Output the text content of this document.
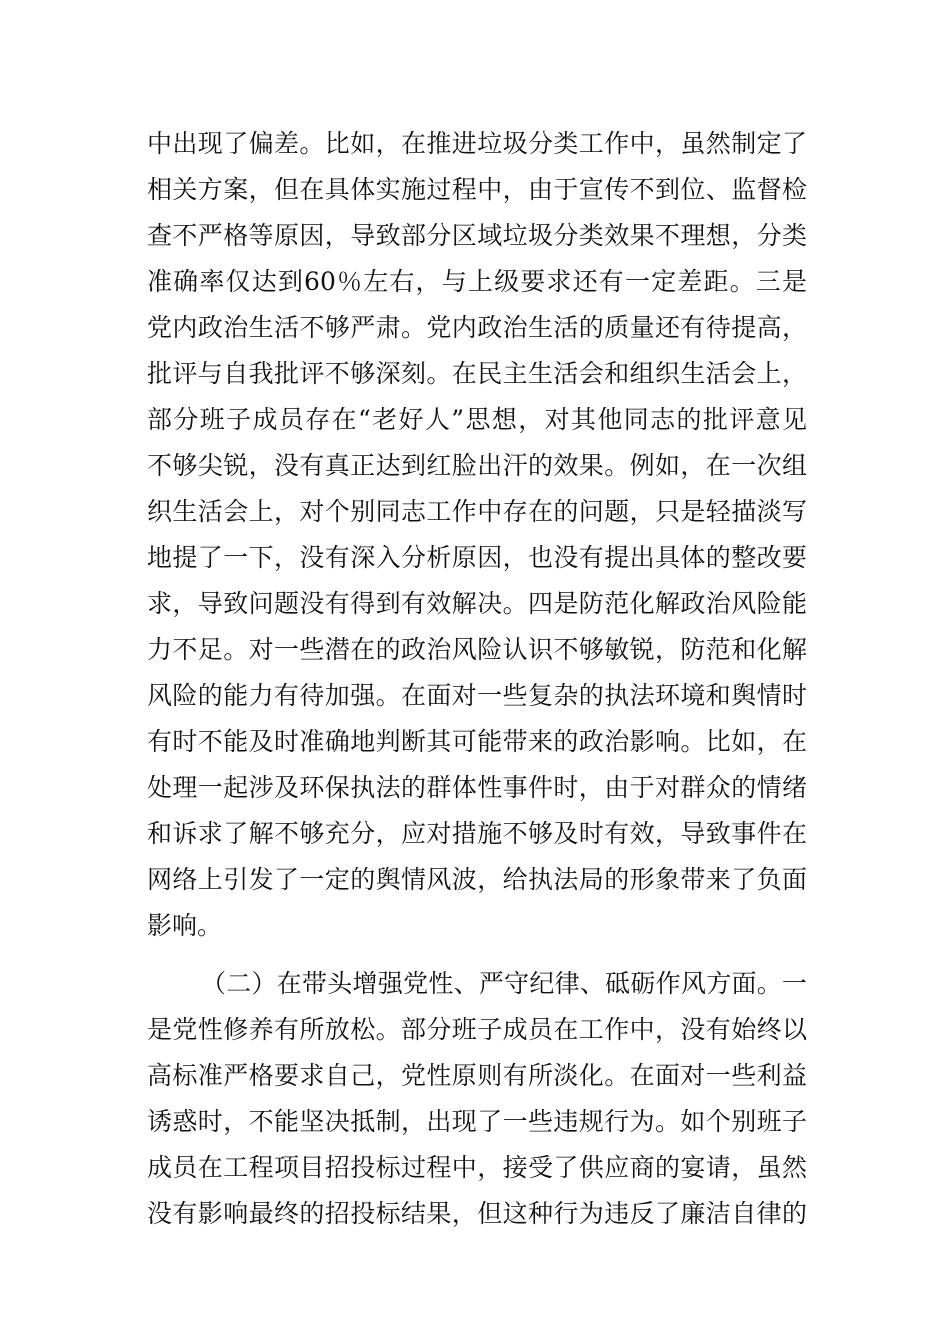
中出现了偏差。比如，在推进垃圾分类工作中，虽然制定了
相关方案，但在具体实施过程中，由于宣传不到位、监督检
查不严格等原因，导致部分区域垃圾分类效果不理想，分类
准确率仅达到60％左右，与上级要求还有一定差距。三是
党内政治生活不够严肃。党内政治生活的质量还有待提高，
批评与自我批评不够深刻。在民主生活会和组织生活会上，
部分班子成员存在“老好人”思想，对其他同志的批评意见
不够尖锐，没有真正达到红脸出汗的效果。例如，在一次组
织生活会上，对个别同志工作中存在的问题，只是轻描淡写
地提了一下，没有深入分析原因，也没有提出具体的整改要
求，导致问题没有得到有效解决。四是防范化解政治风险能
力不足。对一些潜在的政治风险认识不够敏锐，防范和化解
风险的能力有待加强。在面对一些复杂的执法环境和舆情时
有时不能及时准确地判断其可能带来的政治影响。比如，在
处理一起涉及环保执法的群体性事件时，由于对群众的情绪
和诉求了解不够充分，应对措施不够及时有效，导致事件在
网络上引发了一定的舆情风波，给执法局的形象带来了负面
影响。
（二）在带头增强党性、严守纪律、砥砺作风方面。一
是党性修养有所放松。部分班子成员在工作中，没有始终以
高标准严格要求自己，党性原则有所淡化。在面对一些利益
诱惑时，不能坚决抵制，出现了一些违规行为。如个别班子
成员在工程项目招投标过程中，接受了供应商的宴请，虽然
没有影响最终的招投标结果，但这种行为违反了廉洁自律的
